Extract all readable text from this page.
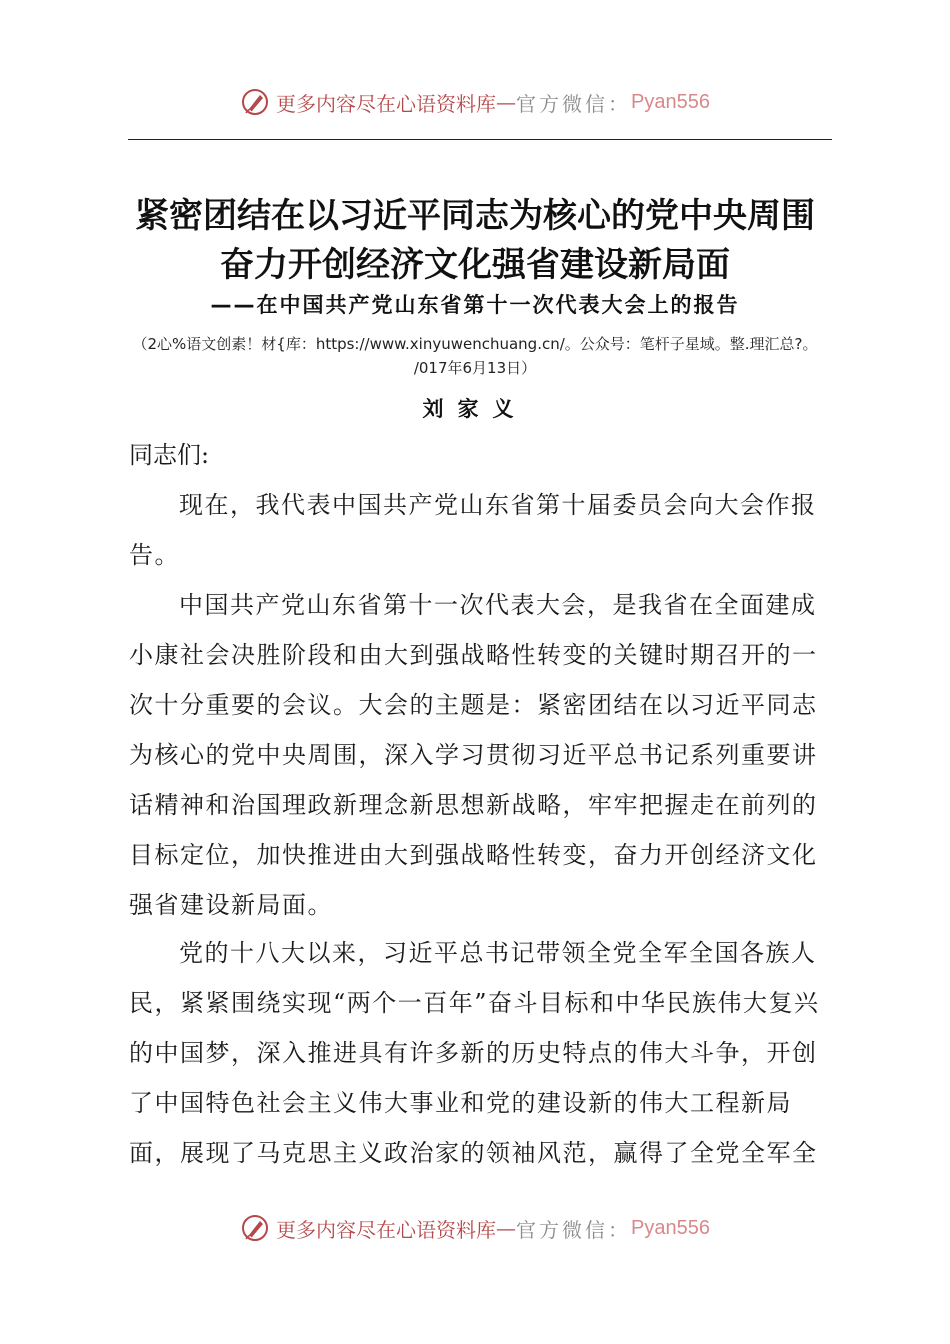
更多内容尽在心语资料库 — 官方微信： Pyan556
紧密团结在以习近平同志为核心的党中央周围
奋力开创经济文化强省建设新局面
——在中国共产党山东省第十一次代表大会上的报告
（2心%语文创素！材{库：https://www.xinyuwenchuang.cn/。公众号：笔杆子星域。整.理汇总?。
/017年6月13日）
刘家义

同志们:

现在，我代表中国共产党山东省第十届委员会向大会作报告。

中国共产党山东省第十一次代表大会，是我省在全面建成小康社会决胜阶段和由大到强战略性转变的关键时期召开的一次十分重要的会议。大会的主题是：紧密团结在以习近平同志为核心的党中央周围，深入学习贯彻习近平总书记系列重要讲话精神和治国理政新理念新思想新战略，牢牢把握走在前列的目标定位，加快推进由大到强战略性转变，奋力开创经济文化强省建设新局面。

党的十八大以来，习近平总书记带领全党全军全国各族人民，紧紧围绕实现“两个一百年”奋斗目标和中华民族伟大复兴的中国梦，深入推进具有许多新的历史特点的伟大斗争，开创了中国特色社会主义伟大事业和党的建设新的伟大工程新局面，展现了马克思主义政治家的领袖风范，赢得了全党全军全

更多内容尽在心语资料库 — 官方微信： Pyan556
